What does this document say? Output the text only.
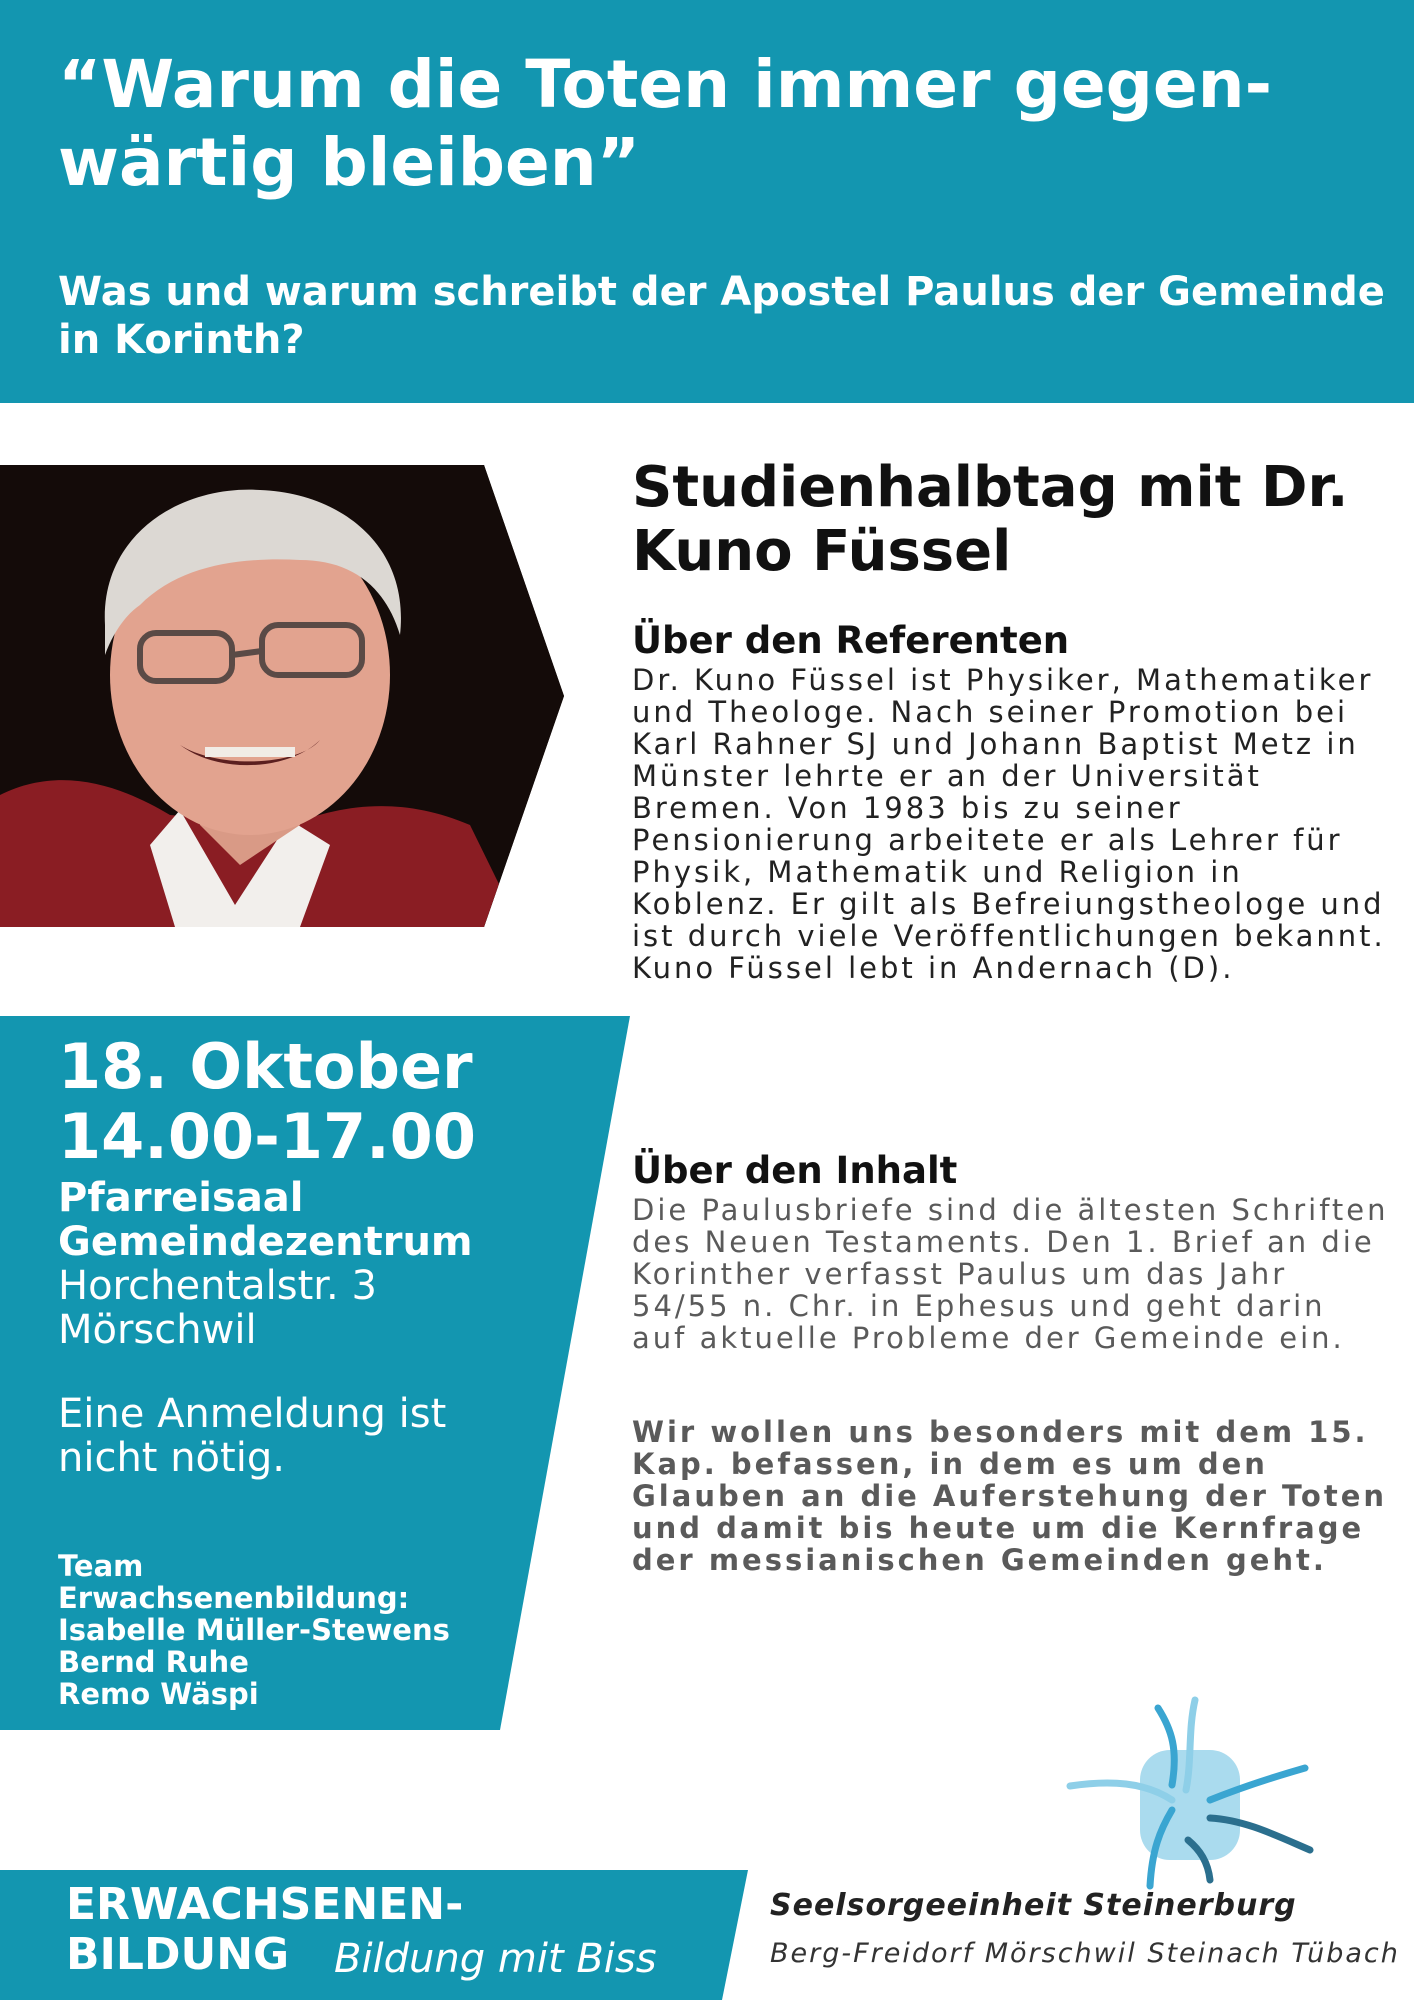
“Warum die Toten immer gegen-wärtig bleiben”

Was und warum schreibt der Apostel Paulus der Gemeinde in Korinth?

Studienhalbtag mit Dr. Kuno Füssel

Über den Referenten

Dr. Kuno Füssel ist Physiker, Mathematiker und Theologe. Nach seiner Promotion bei Karl Rahner SJ und Johann Baptist Metz in Münster lehrte er an der Universität Bremen. Von 1983 bis zu seiner Pensionierung arbeitete er als Lehrer für Physik, Mathematik und Religion in Koblenz. Er gilt als Befreiungstheologe und ist durch viele Veröffentlichungen bekannt. Kuno Füssel lebt in Andernach (D).

Über den Inhalt

Die Paulusbriefe sind die ältesten Schriften des Neuen Testaments. Den 1. Brief an die Korinther verfasst Paulus um das Jahr 54/55 n. Chr. in Ephesus und geht darin auf aktuelle Probleme der Gemeinde ein.

Wir wollen uns besonders mit dem 15. Kap. befassen, in dem es um den Glauben an die Auferstehung der Toten und damit bis heute um die Kernfrage der messianischen Gemeinden geht.

18. Oktober

14.00-17.00

Pfarreisaal
Gemeindezentrum

Horchentalstr. 3
Mörschwil

Eine Anmeldung ist
nicht nötig.

Team
Erwachsenenbildung:
Isabelle Müller-Stewens
Bernd Ruhe
Remo Wäspi

ERWACHSENEN-

BILDUNG Bildung mit Biss

Seelsorgeeinheit Steinerburg

Berg-Freidorf Mörschwil Steinach Tübach
